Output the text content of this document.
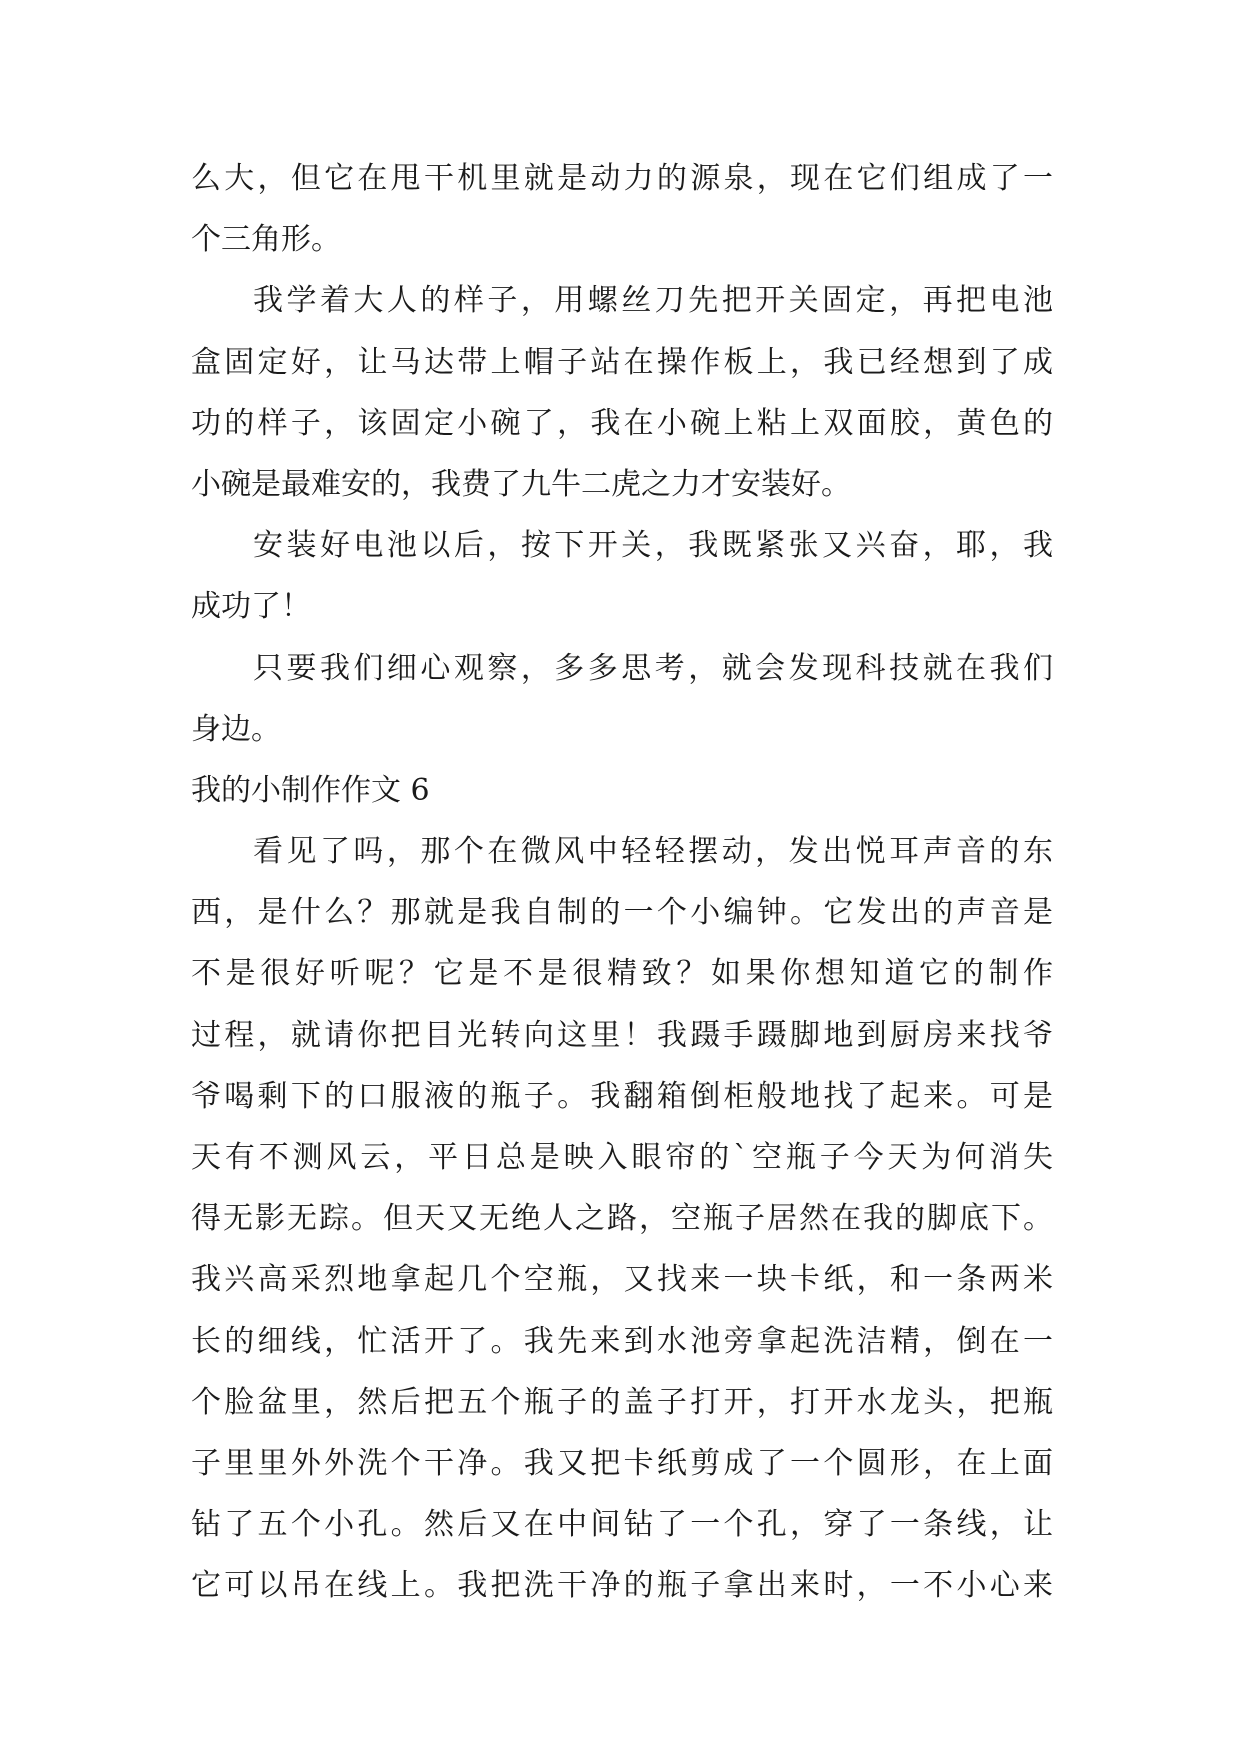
么大，但它在甩干机里就是动力的源泉，现在它们组成了一
个三角形。
我学着大人的样子，用螺丝刀先把开关固定，再把电池
盒固定好，让马达带上帽子站在操作板上，我已经想到了成
功的样子，该固定小碗了，我在小碗上粘上双面胶，黄色的
小碗是最难安的，我费了九牛二虎之力才安装好。
安装好电池以后，按下开关，我既紧张又兴奋，耶，我
成功了！
只要我们细心观察，多多思考，就会发现科技就在我们
身边。
我的小制作作文 6
看见了吗，那个在微风中轻轻摆动，发出悦耳声音的东
西，是什么？那就是我自制的一个小编钟。它发出的声音是
不是很好听呢？它是不是很精致？如果你想知道它的制作
过程，就请你把目光转向这里！我蹑手蹑脚地到厨房来找爷
爷喝剩下的口服液的瓶子。我翻箱倒柜般地找了起来。可是
天有不测风云，平日总是映入眼帘的`空瓶子今天为何消失
得无影无踪。但天又无绝人之路，空瓶子居然在我的脚底下。
我兴高采烈地拿起几个空瓶，又找来一块卡纸，和一条两米
长的细线，忙活开了。我先来到水池旁拿起洗洁精，倒在一
个脸盆里，然后把五个瓶子的盖子打开，打开水龙头，把瓶
子里里外外洗个干净。我又把卡纸剪成了一个圆形，在上面
钻了五个小孔。然后又在中间钻了一个孔，穿了一条线，让
它可以吊在线上。我把洗干净的瓶子拿出来时，一不小心来
